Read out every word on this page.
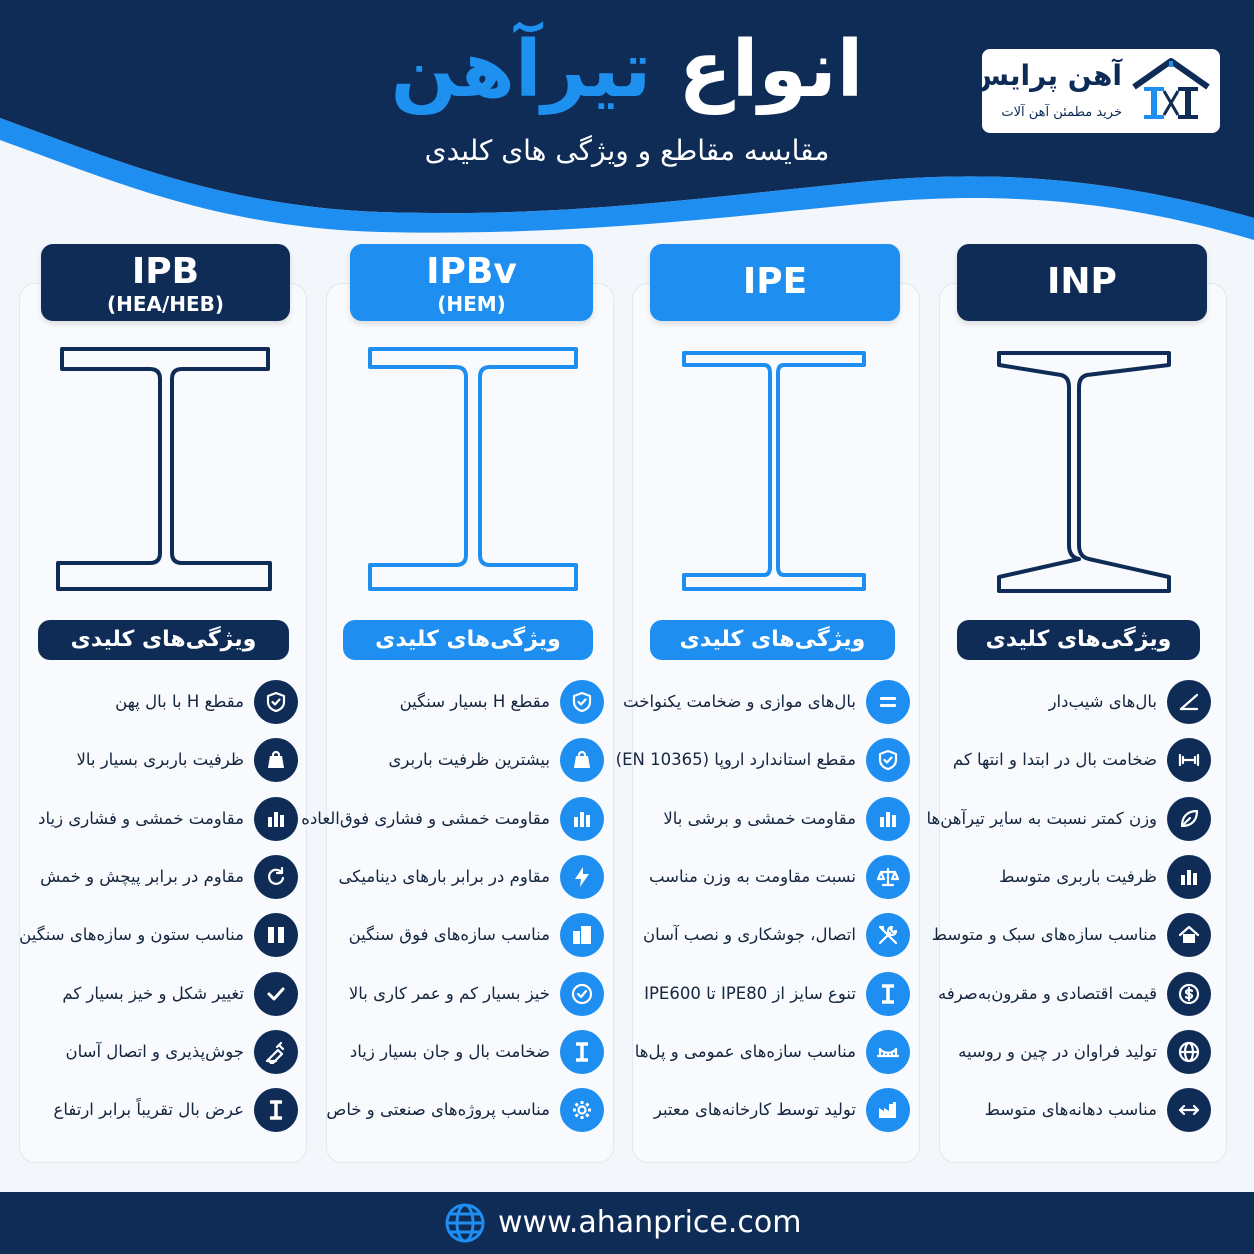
انواع تیرآهن
مقایسه مقاطع و ویژگی های کلیدی
آهن پرایس
خرید مطمئن آهن آلات
INP
IPE
IPBv
(HEM)
IPB
(HEA/HEB)
ویژگی‌های کلیدی
ویژگی‌های کلیدی
ویژگی‌های کلیدی
ویژگی‌های کلیدی
بال‌های شیب‌دار
ضخامت بال در ابتدا و انتها کم
وزن کمتر نسبت به سایر تیرآهن‌ها
ظرفیت باربری متوسط
مناسب سازه‌های سبک و متوسط
قیمت اقتصادی و مقرون‌به‌صرفه
تولید فراوان در چین و روسیه
مناسب دهانه‌های متوسط
بال‌های موازی و ضخامت یکنواخت
مقطع استاندارد اروپا (EN 10365)
مقاومت خمشی و برشی بالا
نسبت مقاومت به وزن مناسب
اتصال، جوشکاری و نصب آسان
تنوع سایز از IPE80 تا IPE600
مناسب سازه‌های عمومی و پل‌ها
تولید توسط کارخانه‌های معتبر
مقطع H بسیار سنگین
بیشترین ظرفیت باربری
مقاومت خمشی و فشاری فوق‌العاده
مقاوم در برابر بارهای دینامیکی
مناسب سازه‌های فوق سنگین
خیز بسیار کم و عمر کاری بالا
ضخامت بال و جان بسیار زیاد
مناسب پروژه‌های صنعتی و خاص
مقطع H با بال پهن
ظرفیت باربری بسیار بالا
مقاومت خمشی و فشاری زیاد
مقاوم در برابر پیچش و خمش
مناسب ستون و سازه‌های سنگین
تغییر شکل و خیز بسیار کم
جوش‌پذیری و اتصال آسان
عرض بال تقریباً برابر ارتفاع
www.ahanprice.com
